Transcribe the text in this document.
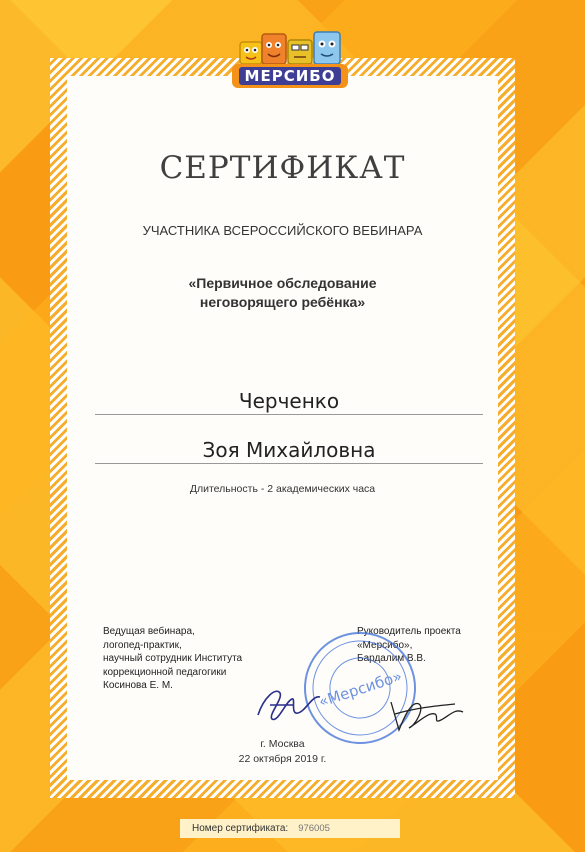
МЕРСИБО
СЕРТИФИКАТ
УЧАСТНИКА ВСЕРОССИЙСКОГО ВЕБИНАРА
«Первичное обследование
неговорящего ребёнка»
Черченко
Зоя Михайловна
Длительность - 2 академических часа
Ведущая вебинара,
логопед-практик,
научный сотрудник Института
коррекционной педагогики
Косинова Е. М.
Руководитель проекта
«Мерсибо»,
Бардалим В.В.
«Мерсибо»
г. Москва
22 октября 2019 г.
Номер сертификата: 976005
